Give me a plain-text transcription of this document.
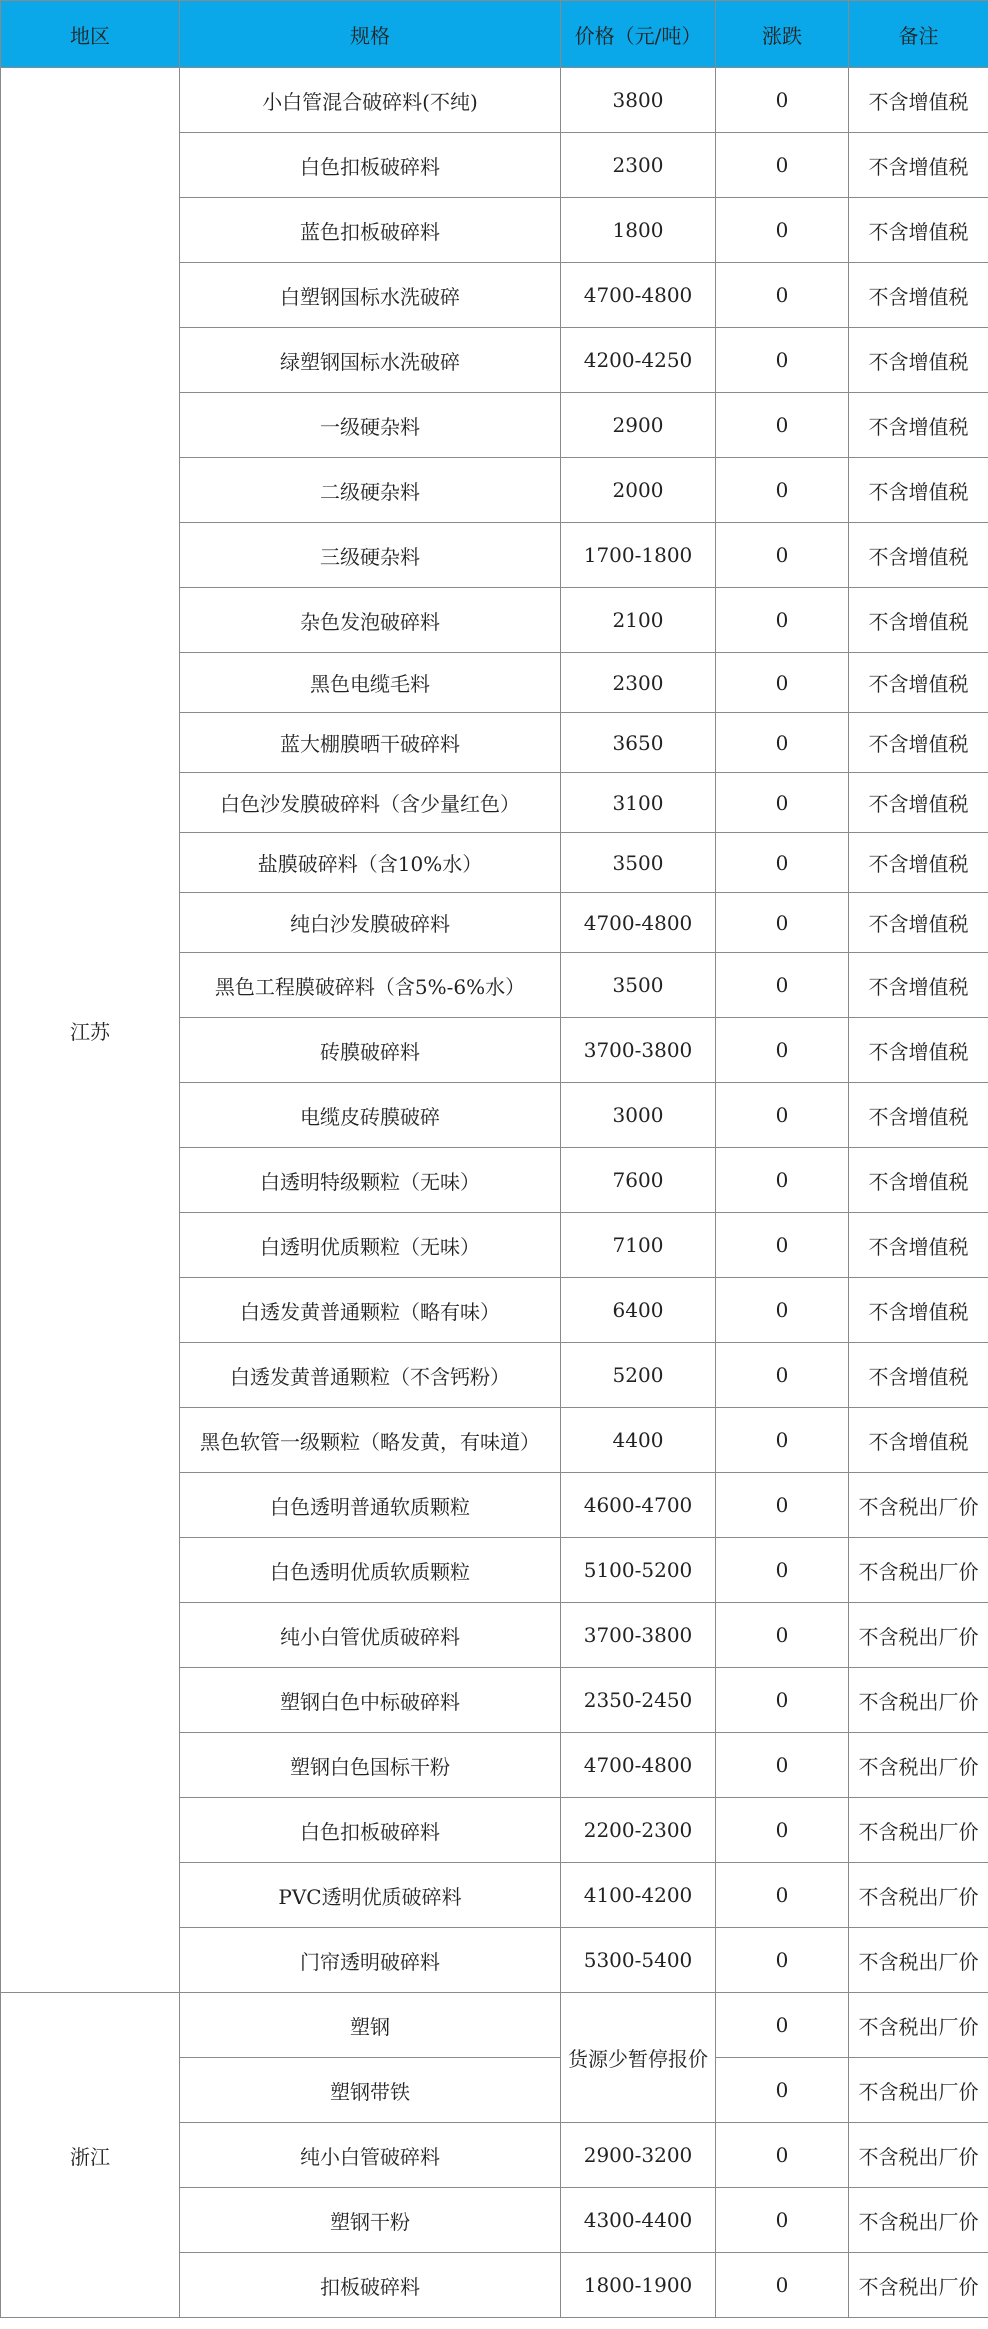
地区	规格	价格（元/吨）	涨跌	备注
江苏	小白管混合破碎料(不纯)	3800	0	不含增值税
	白色扣板破碎料	2300	0	不含增值税
	蓝色扣板破碎料	1800	0	不含增值税
	白塑钢国标水洗破碎	4700-4800	0	不含增值税
	绿塑钢国标水洗破碎	4200-4250	0	不含增值税
	一级硬杂料	2900	0	不含增值税
	二级硬杂料	2000	0	不含增值税
	三级硬杂料	1700-1800	0	不含增值税
	杂色发泡破碎料	2100	0	不含增值税
	黑色电缆毛料	2300	0	不含增值税
	蓝大棚膜晒干破碎料	3650	0	不含增值税
	白色沙发膜破碎料（含少量红色）	3100	0	不含增值税
	盐膜破碎料（含10%水）	3500	0	不含增值税
	纯白沙发膜破碎料	4700-4800	0	不含增值税
	黑色工程膜破碎料（含5%-6%水）	3500	0	不含增值税
	砖膜破碎料	3700-3800	0	不含增值税
	电缆皮砖膜破碎	3000	0	不含增值税
	白透明特级颗粒（无味）	7600	0	不含增值税
	白透明优质颗粒（无味）	7100	0	不含增值税
	白透发黄普通颗粒（略有味）	6400	0	不含增值税
	白透发黄普通颗粒（不含钙粉）	5200	0	不含增值税
	黑色软管一级颗粒（略发黄，有味道）	4400	0	不含增值税
	白色透明普通软质颗粒	4600-4700	0	不含税出厂价
	白色透明优质软质颗粒	5100-5200	0	不含税出厂价
	纯小白管优质破碎料	3700-3800	0	不含税出厂价
	塑钢白色中标破碎料	2350-2450	0	不含税出厂价
	塑钢白色国标干粉	4700-4800	0	不含税出厂价
	白色扣板破碎料	2200-2300	0	不含税出厂价
	PVC透明优质破碎料	4100-4200	0	不含税出厂价
	门帘透明破碎料	5300-5400	0	不含税出厂价
浙江	塑钢	货源少暂停报价	0	不含税出厂价
	塑钢带铁		0	不含税出厂价
	纯小白管破碎料	2900-3200	0	不含税出厂价
	塑钢干粉	4300-4400	0	不含税出厂价
	扣板破碎料	1800-1900	0	不含税出厂价
